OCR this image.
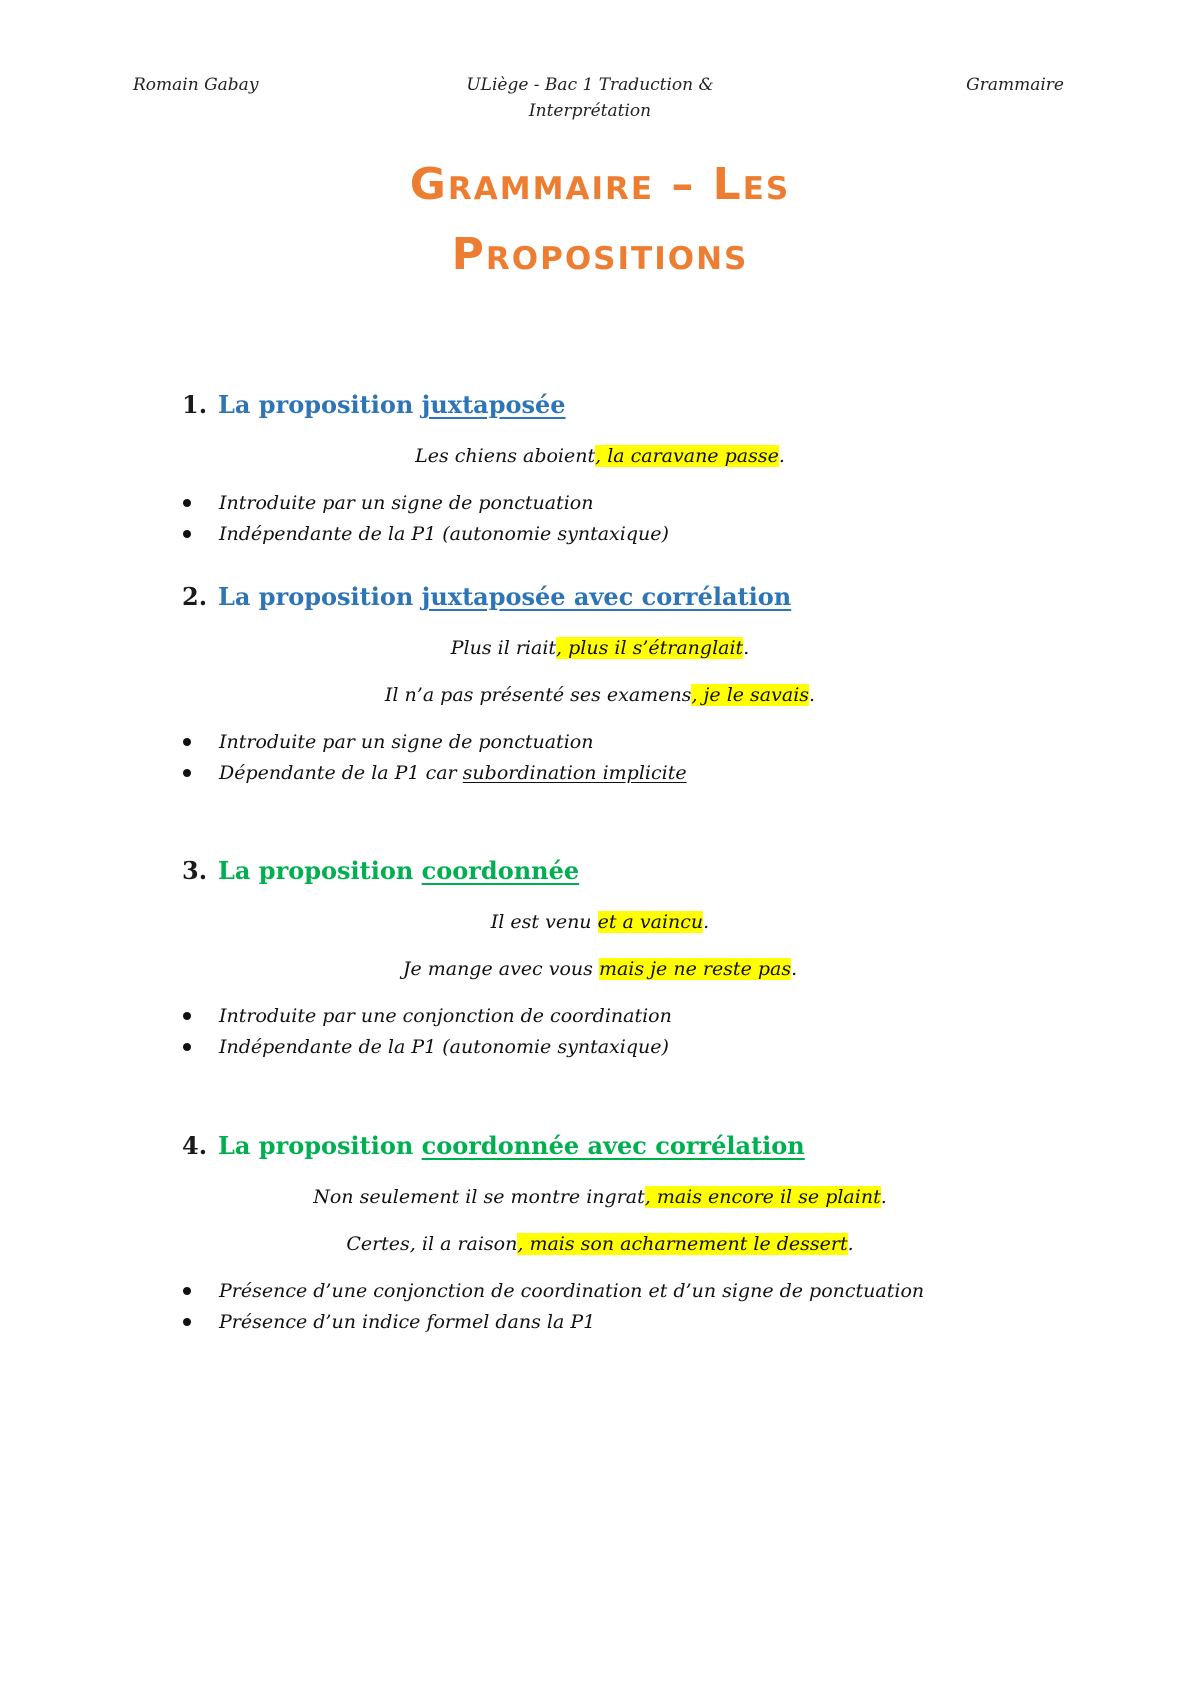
Romain Gabay	ULiège - Bac 1 Traduction &
Interprétation
Grammaire
Grammaire – Les
Propositions
1. La proposition juxtaposée
Les chiens aboient, la caravane passe.
Introduite par un signe de ponctuation
Indépendante de la P1 (autonomie syntaxique)
2. La proposition juxtaposée avec corrélation
Plus il riait, plus il s’étranglait.
Il n’a pas présenté ses examens, je le savais.
Introduite par un signe de ponctuation
Dépendante de la P1 car subordination implicite
3. La proposition coordonnée
Il est venu et a vaincu.
Je mange avec vous mais je ne reste pas.
Introduite par une conjonction de coordination
Indépendante de la P1 (autonomie syntaxique)
4. La proposition coordonnée avec corrélation
Non seulement il se montre ingrat, mais encore il se plaint.
Certes, il a raison, mais son acharnement le dessert.
Présence d’une conjonction de coordination et d’un signe de ponctuation
Présence d’un indice formel dans la P1
